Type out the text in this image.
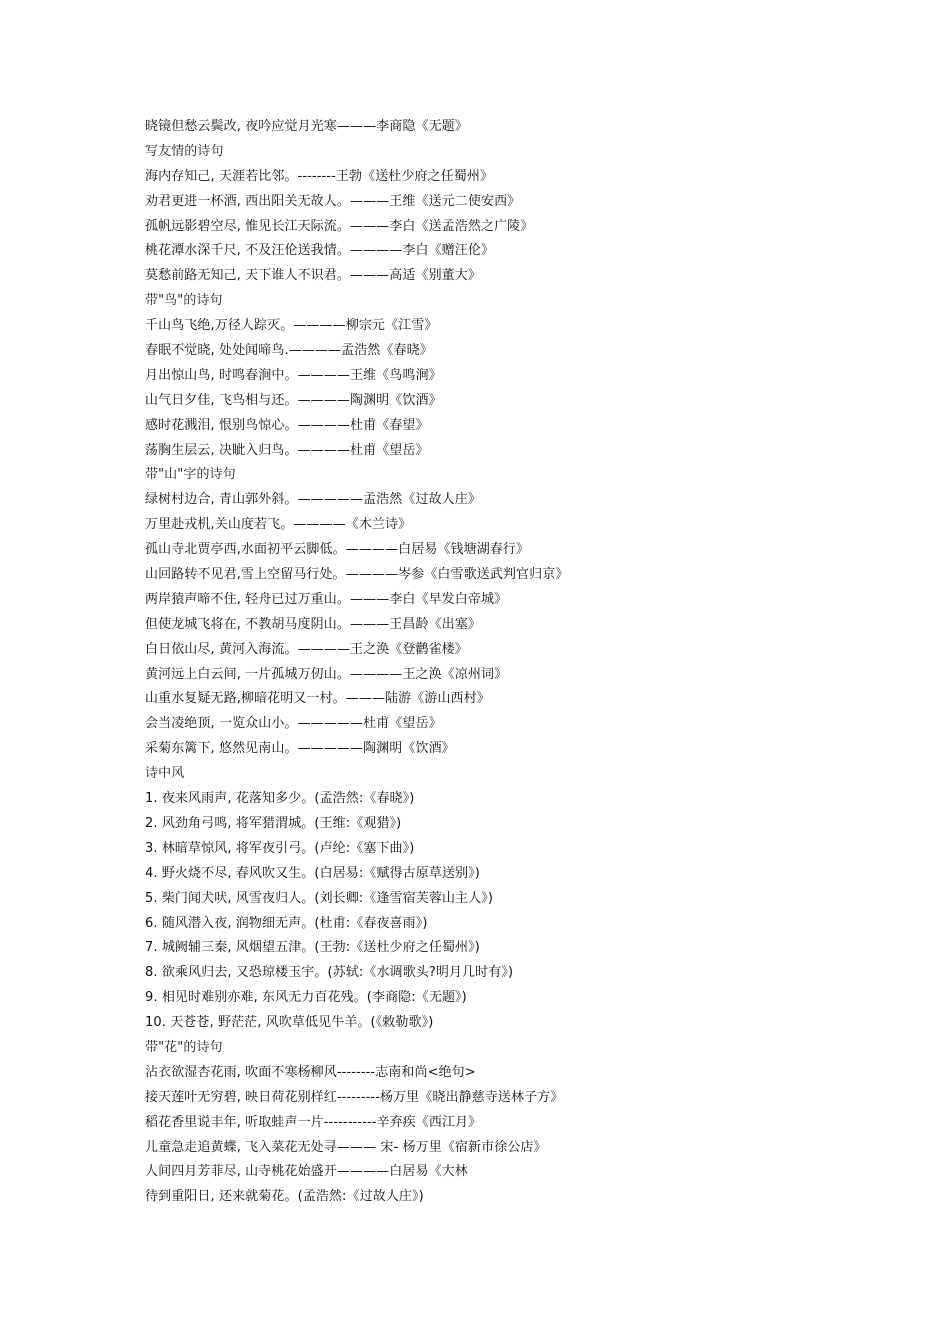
晓镜但愁云鬓改, 夜吟应觉月光寒———李商隐《无题》
写友情的诗句
海内存知己, 天涯若比邻。--------王勃《送杜少府之任蜀州》
劝君更进一杯酒, 西出阳关无故人。———王维《送元二使安西》
孤帆远影碧空尽, 惟见长江天际流。———李白《送孟浩然之广陵》
桃花潭水深千尺, 不及汪伦送我情。————李白《赠汪伦》
莫愁前路无知己, 天下谁人不识君。———高适《别董大》
带"鸟"的诗句
千山鸟飞绝,万径人踪灭。————柳宗元《江雪》
春眠不觉晓, 处处闻啼鸟.————孟浩然《春晓》
月出惊山鸟, 时鸣春涧中。————王维《鸟鸣涧》
山气日夕佳, 飞鸟相与还。————陶渊明《饮酒》
感时花溅泪, 恨别鸟惊心。————杜甫《春望》
荡胸生层云, 决眦入归鸟。————杜甫《望岳》
带"山"字的诗句
绿树村边合, 青山郭外斜。—————孟浩然《过故人庄》
万里赴戎机,关山度若飞。————《木兰诗》
孤山寺北贾亭西,水面初平云脚低。————白居易《钱塘湖春行》
山回路转不见君,雪上空留马行处。————岑参《白雪歌送武判官归京》
两岸猿声啼不住, 轻舟已过万重山。———李白《早发白帝城》
但使龙城飞将在, 不教胡马度阴山。———王昌龄《出塞》
白日依山尽, 黄河入海流。————王之涣《登鹳雀楼》
黄河远上白云间, 一片孤城万仞山。————王之涣《凉州词》
山重水复疑无路,柳暗花明又一村。———陆游《游山西村》
会当凌绝顶, 一览众山小。—————杜甫《望岳》
采菊东篱下, 悠然见南山。—————陶渊明《饮酒》
诗中风
1. 夜来风雨声, 花落知多少。(孟浩然:《春晓》)
2. 风劲角弓鸣, 将军猎渭城。(王维:《观猎》)
3. 林暗草惊风, 将军夜引弓。(卢纶:《塞下曲》)
4. 野火烧不尽, 春风吹又生。(白居易:《赋得古原草送别》)
5. 柴门闻犬吠, 风雪夜归人。(刘长卿:《逢雪宿芙蓉山主人》)
6. 随风潜入夜, 润物细无声。(杜甫:《春夜喜雨》)
7. 城阙辅三秦, 风烟望五津。(王勃:《送杜少府之任蜀州》)
8. 欲乘风归去, 又恐琼楼玉宇。(苏轼:《水调歌头?明月几时有》)
9. 相见时难别亦难, 东风无力百花残。(李商隐:《无题》)
10. 天苍苍, 野茫茫, 风吹草低见牛羊。(《敕勒歌》)
带"花"的诗句
沾衣欲湿杏花雨, 吹面不寒杨柳风--------志南和尚<绝句>
接天莲叶无穷碧, 映日荷花别样红---------杨万里《晓出静慈寺送林子方》
稻花香里说丰年, 听取蛙声一片-----------辛弃疾《西江月》
儿童急走追黄蝶, 飞入菜花无处寻——— 宋- 杨万里《宿新市徐公店》
人间四月芳菲尽, 山寺桃花始盛开————白居易《大林
待到重阳日, 还来就菊花。(孟浩然:《过故人庄》)
